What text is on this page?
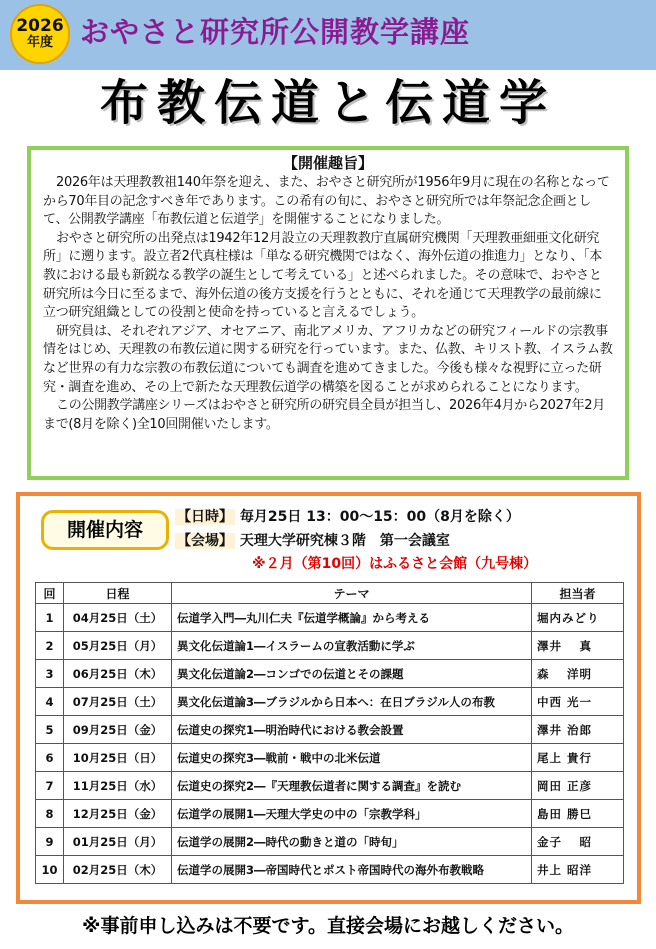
2026
年度 おやさと研究所公開教学講座
布教伝道と伝道学
【開催趣旨】

2026年は天理教教祖140年祭を迎え、また、おやさと研究所が1956年9月に現在の名称となってから70年目の記念すべき年であります。この希有の旬に、おやさと研究所では年祭記念企画として、公開教学講座「布教伝道と伝道学」を開催することになりました。

おやさと研究所の出発点は1942年12月設立の天理教教庁直属研究機関「天理教亜細亜文化研究所」に遡ります。設立者2代真柱様は「単なる研究機関ではなく、海外伝道の推進力」となり、「本教における最も新鋭なる教学の誕生として考えている」と述べられました。その意味で、おやさと研究所は今日に至るまで、海外伝道の後方支援を行うとともに、それを通じて天理教学の最前線に立つ研究組織としての役割と使命を持っていると言えるでしょう。

研究員は、それぞれアジア、オセアニア、南北アメリカ、アフリカなどの研究フィールドの宗教事情をはじめ、天理教の布教伝道に関する研究を行っています。また、仏教、キリスト教、イスラム教など世界の有力な宗教の布教伝道についても調査を進めてきました。今後も様々な視野に立った研究・調査を進め、その上で新たな天理教伝道学の構築を図ることが求められることになります。

この公開教学講座シリーズはおやさと研究所の研究員全員が担当し、2026年4月から2027年2月まで(8月を除く)全10回開催いたします。

開催内容
【日時】 毎月25日 13：00〜15：00（8月を除く）
【会場】 天理大学研究棟３階　第一会議室
※２月（第10回）はふるさと会館（九号棟）
回	日程	テーマ	担当者
1	04月25日（土）	伝道学入門―丸川仁夫『伝道学概論』から考える	堀内みどり
2	05月25日（月）	異文化伝道論1―イスラームの宣教活動に学ぶ	澤井　 真
3	06月25日（木）	異文化伝道論2―コンゴでの伝道とその課題	森　 洋明
4	07月25日（土）	異文化伝道論3―ブラジルから日本へ：在日ブラジル人の布教	中西 光一
5	09月25日（金）	伝道史の探究1―明治時代における教会設置	澤井 治郎
6	10月25日（日）	伝道史の探究3―戦前・戦中の北米伝道	尾上 貴行
7	11月25日（水）	伝道史の探究2―『天理教伝道者に関する調査』を読む	岡田 正彦
8	12月25日（金）	伝道学の展開1―天理大学史の中の「宗教学科」	島田 勝巳
9	01月25日（月）	伝道学の展開2―時代の動きと道の「時旬」	金子　 昭
10	02月25日（木）	伝道学の展開3―帝国時代とポスト帝国時代の海外布教戦略	井上 昭洋
※事前申し込みは不要です。直接会場にお越しください。
